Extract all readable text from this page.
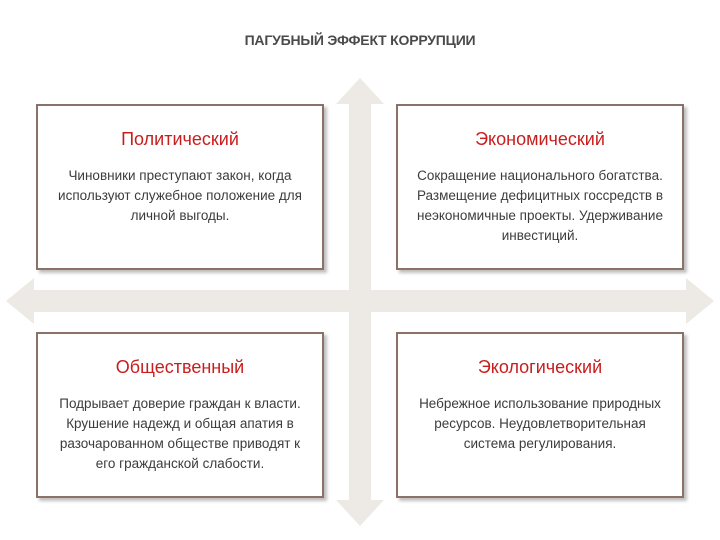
ПАГУБНЫЙ ЭФФЕКТ КОРРУПЦИИ
Политический
Чиновники преступают закон, когда используют служебное положение для личной выгоды.
Экономический
Сокращение национального богатства. Размещение дефицитных госсредств в неэкономичные проекты. Удерживание инвестиций.
Общественный
Подрывает доверие граждан к власти. Крушение надежд и общая апатия в разочарованном обществе приводят к его гражданской слабости.
Экологический
Небрежное использование природных ресурсов. Неудовлетворительная система регулирования.
